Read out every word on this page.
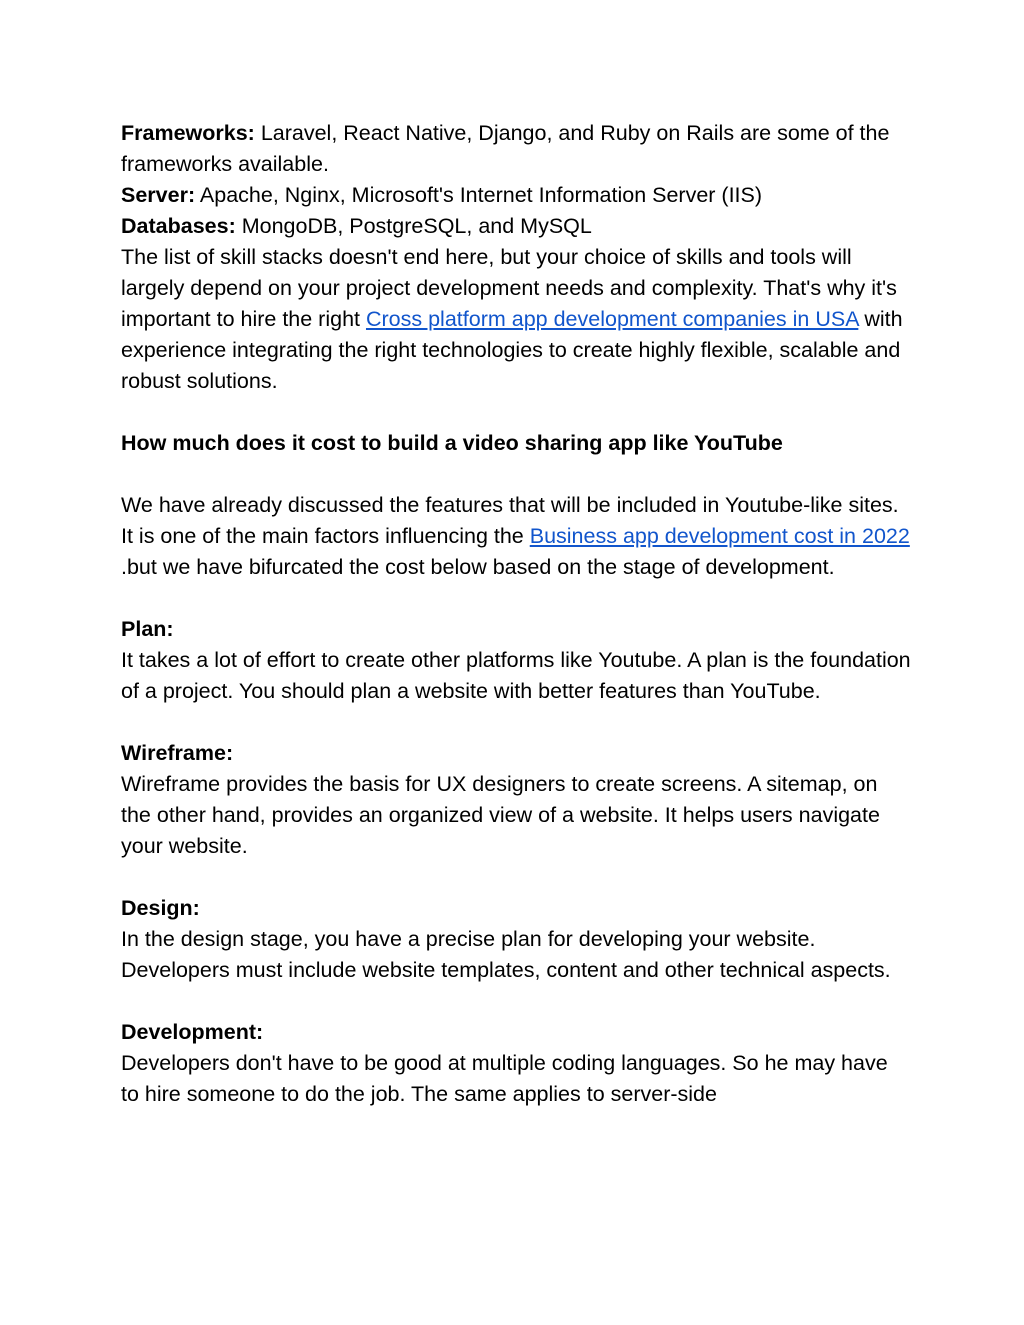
Frameworks: Laravel, React Native, Django, and Ruby on Rails are some of the frameworks available.

Server: Apache, Nginx, Microsoft's Internet Information Server (IIS)

Databases: MongoDB, PostgreSQL, and MySQL

The list of skill stacks doesn't end here, but your choice of skills and tools will largely depend on your project development needs and complexity. That's why it's important to hire the right Cross platform app development companies in USA with experience integrating the right technologies to create highly flexible, scalable and robust solutions.

How much does it cost to build a video sharing app like YouTube

We have already discussed the features that will be included in Youtube-like sites. It is one of the main factors influencing the Business app development cost in 2022 .but we have bifurcated the cost below based on the stage of development.

Plan:

It takes a lot of effort to create other platforms like Youtube. A plan is the foundation of a project. You should plan a website with better features than YouTube.

Wireframe:

Wireframe provides the basis for UX designers to create screens. A sitemap, on the other hand, provides an organized view of a website. It helps users navigate your website.

Design:

In the design stage, you have a precise plan for developing your website. Developers must include website templates, content and other technical aspects.

Development:

Developers don't have to be good at multiple coding languages. So he may have to hire someone to do the job. The same applies to server-side
